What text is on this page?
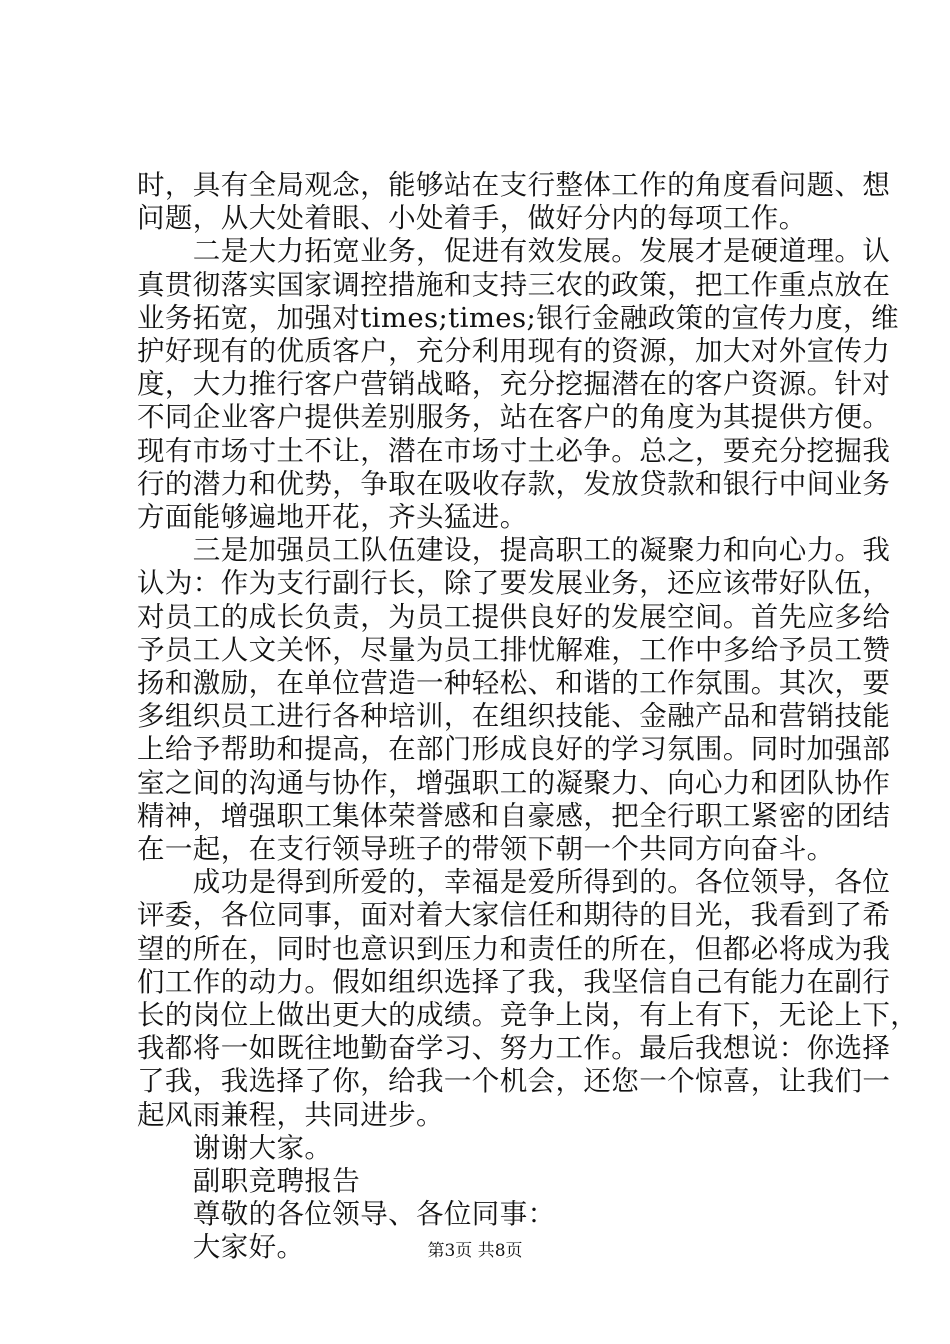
时，具有全局观念，能够站在支行整体工作的角度看问题、想
问题，从大处着眼、小处着手，做好分内的每项工作。
　　二是大力拓宽业务，促进有效发展。发展才是硬道理。认
真贯彻落实国家调控措施和支持三农的政策，把工作重点放在
业务拓宽，加强对times;times;银行金融政策的宣传力度，维
护好现有的优质客户，充分利用现有的资源，加大对外宣传力
度，大力推行客户营销战略，充分挖掘潜在的客户资源。针对
不同企业客户提供差别服务，站在客户的角度为其提供方便。
现有市场寸土不让，潜在市场寸土必争。总之，要充分挖掘我
行的潜力和优势，争取在吸收存款，发放贷款和银行中间业务
方面能够遍地开花，齐头猛进。
　　三是加强员工队伍建设，提高职工的凝聚力和向心力。我
认为：作为支行副行长，除了要发展业务，还应该带好队伍，
对员工的成长负责，为员工提供良好的发展空间。首先应多给
予员工人文关怀，尽量为员工排忧解难，工作中多给予员工赞
扬和激励，在单位营造一种轻松、和谐的工作氛围。其次，要
多组织员工进行各种培训，在组织技能、金融产品和营销技能
上给予帮助和提高，在部门形成良好的学习氛围。同时加强部
室之间的沟通与协作，增强职工的凝聚力、向心力和团队协作
精神，增强职工集体荣誉感和自豪感，把全行职工紧密的团结
在一起，在支行领导班子的带领下朝一个共同方向奋斗。
　　成功是得到所爱的，幸福是爱所得到的。各位领导，各位
评委，各位同事，面对着大家信任和期待的目光，我看到了希
望的所在，同时也意识到压力和责任的所在，但都必将成为我
们工作的动力。假如组织选择了我，我坚信自己有能力在副行
长的岗位上做出更大的成绩。竞争上岗，有上有下，无论上下，
我都将一如既往地勤奋学习、努力工作。最后我想说：你选择
了我，我选择了你，给我一个机会，还您一个惊喜，让我们一
起风雨兼程，共同进步。
　　谢谢大家。
　　副职竞聘报告
第3页 共8页
　　尊敬的各位领导、各位同事：
　　大家好。
